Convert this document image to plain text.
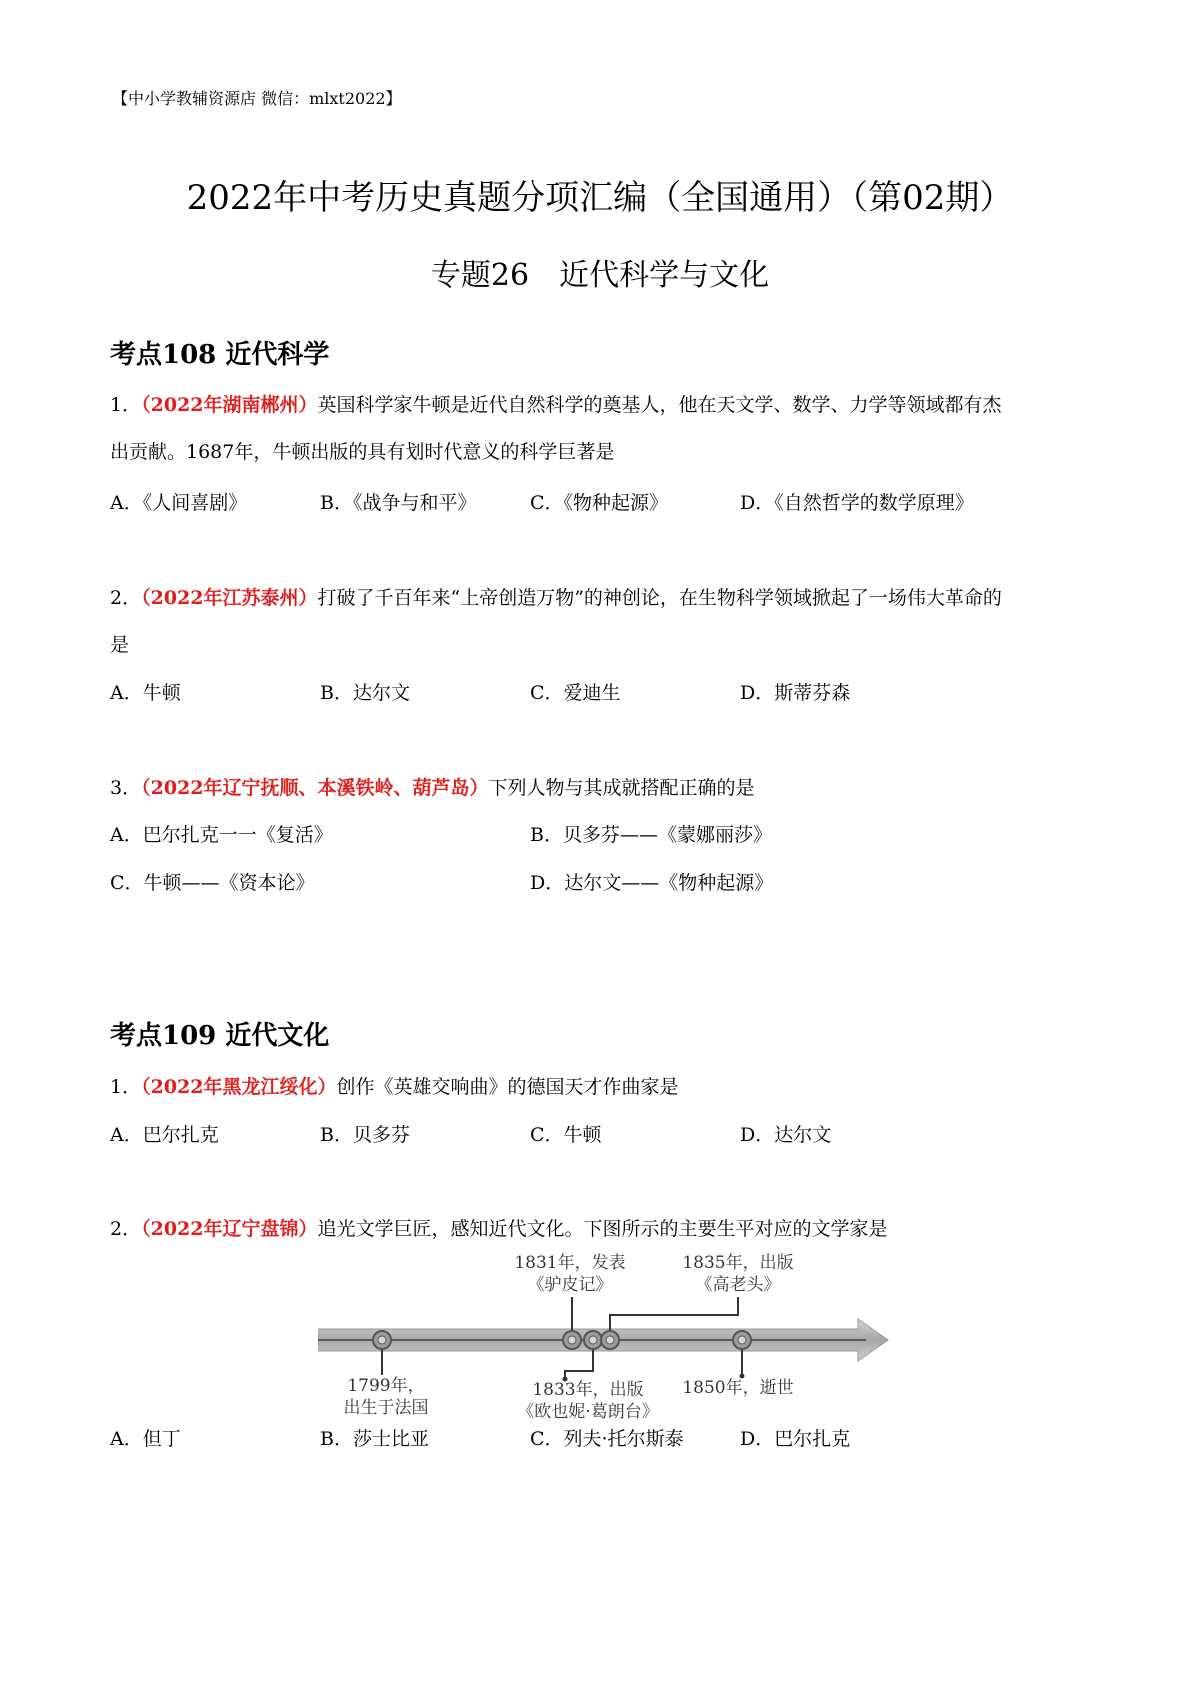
【中小学教辅资源店 微信：mlxt2022】
2022年中考历史真题分项汇编（全国通用）（第02期）
专题26　近代科学与文化
考点108 近代科学
1．（2022年湖南郴州）英国科学家牛顿是近代自然科学的奠基人，他在天文学、数学、力学等领域都有杰
出贡献。1687年，牛顿出版的具有划时代意义的科学巨著是
A．《人间喜剧》	B．《战争与和平》	C．《物种起源》	D．《自然哲学的数学原理》
2．（2022年江苏泰州）打破了千百年来“上帝创造万物”的神创论，在生物科学领域掀起了一场伟大革命的
是
A．牛顿	B．达尔文	C．爱迪生	D．斯蒂芬森
3．（2022年辽宁抚顺、本溪铁岭、葫芦岛）下列人物与其成就搭配正确的是
A．巴尔扎克一一《复活》	B．贝多芬——《蒙娜丽莎》
C．牛顿——《资本论》	D．达尔文——《物种起源》
考点109 近代文化
1．（2022年黑龙江绥化）创作《英雄交响曲》的德国天才作曲家是
A．巴尔扎克	B．贝多芬	C．牛顿	D．达尔文
2．（2022年辽宁盘锦）追光文学巨匠，感知近代文化。下图所示的主要生平对应的文学家是
1799年，
出生于法国
1831年，发表
《驴皮记》
1833年，出版
《欧也妮·葛朗台》
1835年，出版
《高老头》
1850年，逝世
A．但丁	B．莎士比亚	C．列夫·托尔斯泰	D．巴尔扎克
